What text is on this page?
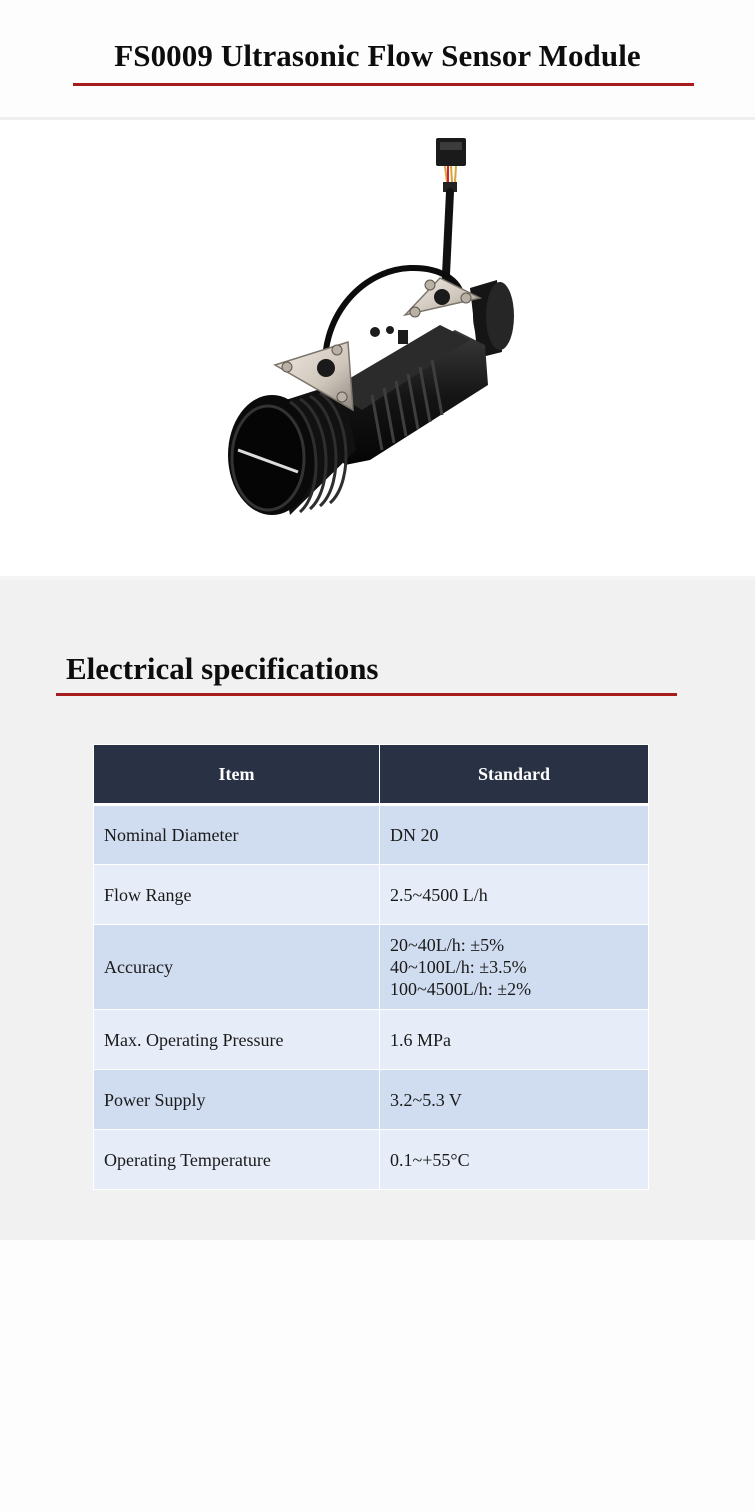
FS0009 Ultrasonic Flow Sensor Module
Electrical specifications
Item	Standard
Nominal Diameter	DN 20
Flow Range	2.5~4500 L/h
Accuracy	20~40L/h: ±5%
40~100L/h: ±3.5%
100~4500L/h: ±2%

Max. Operating Pressure	1.6 MPa
Power Supply	3.2~5.3 V
Operating Temperature	0.1~+55°C
